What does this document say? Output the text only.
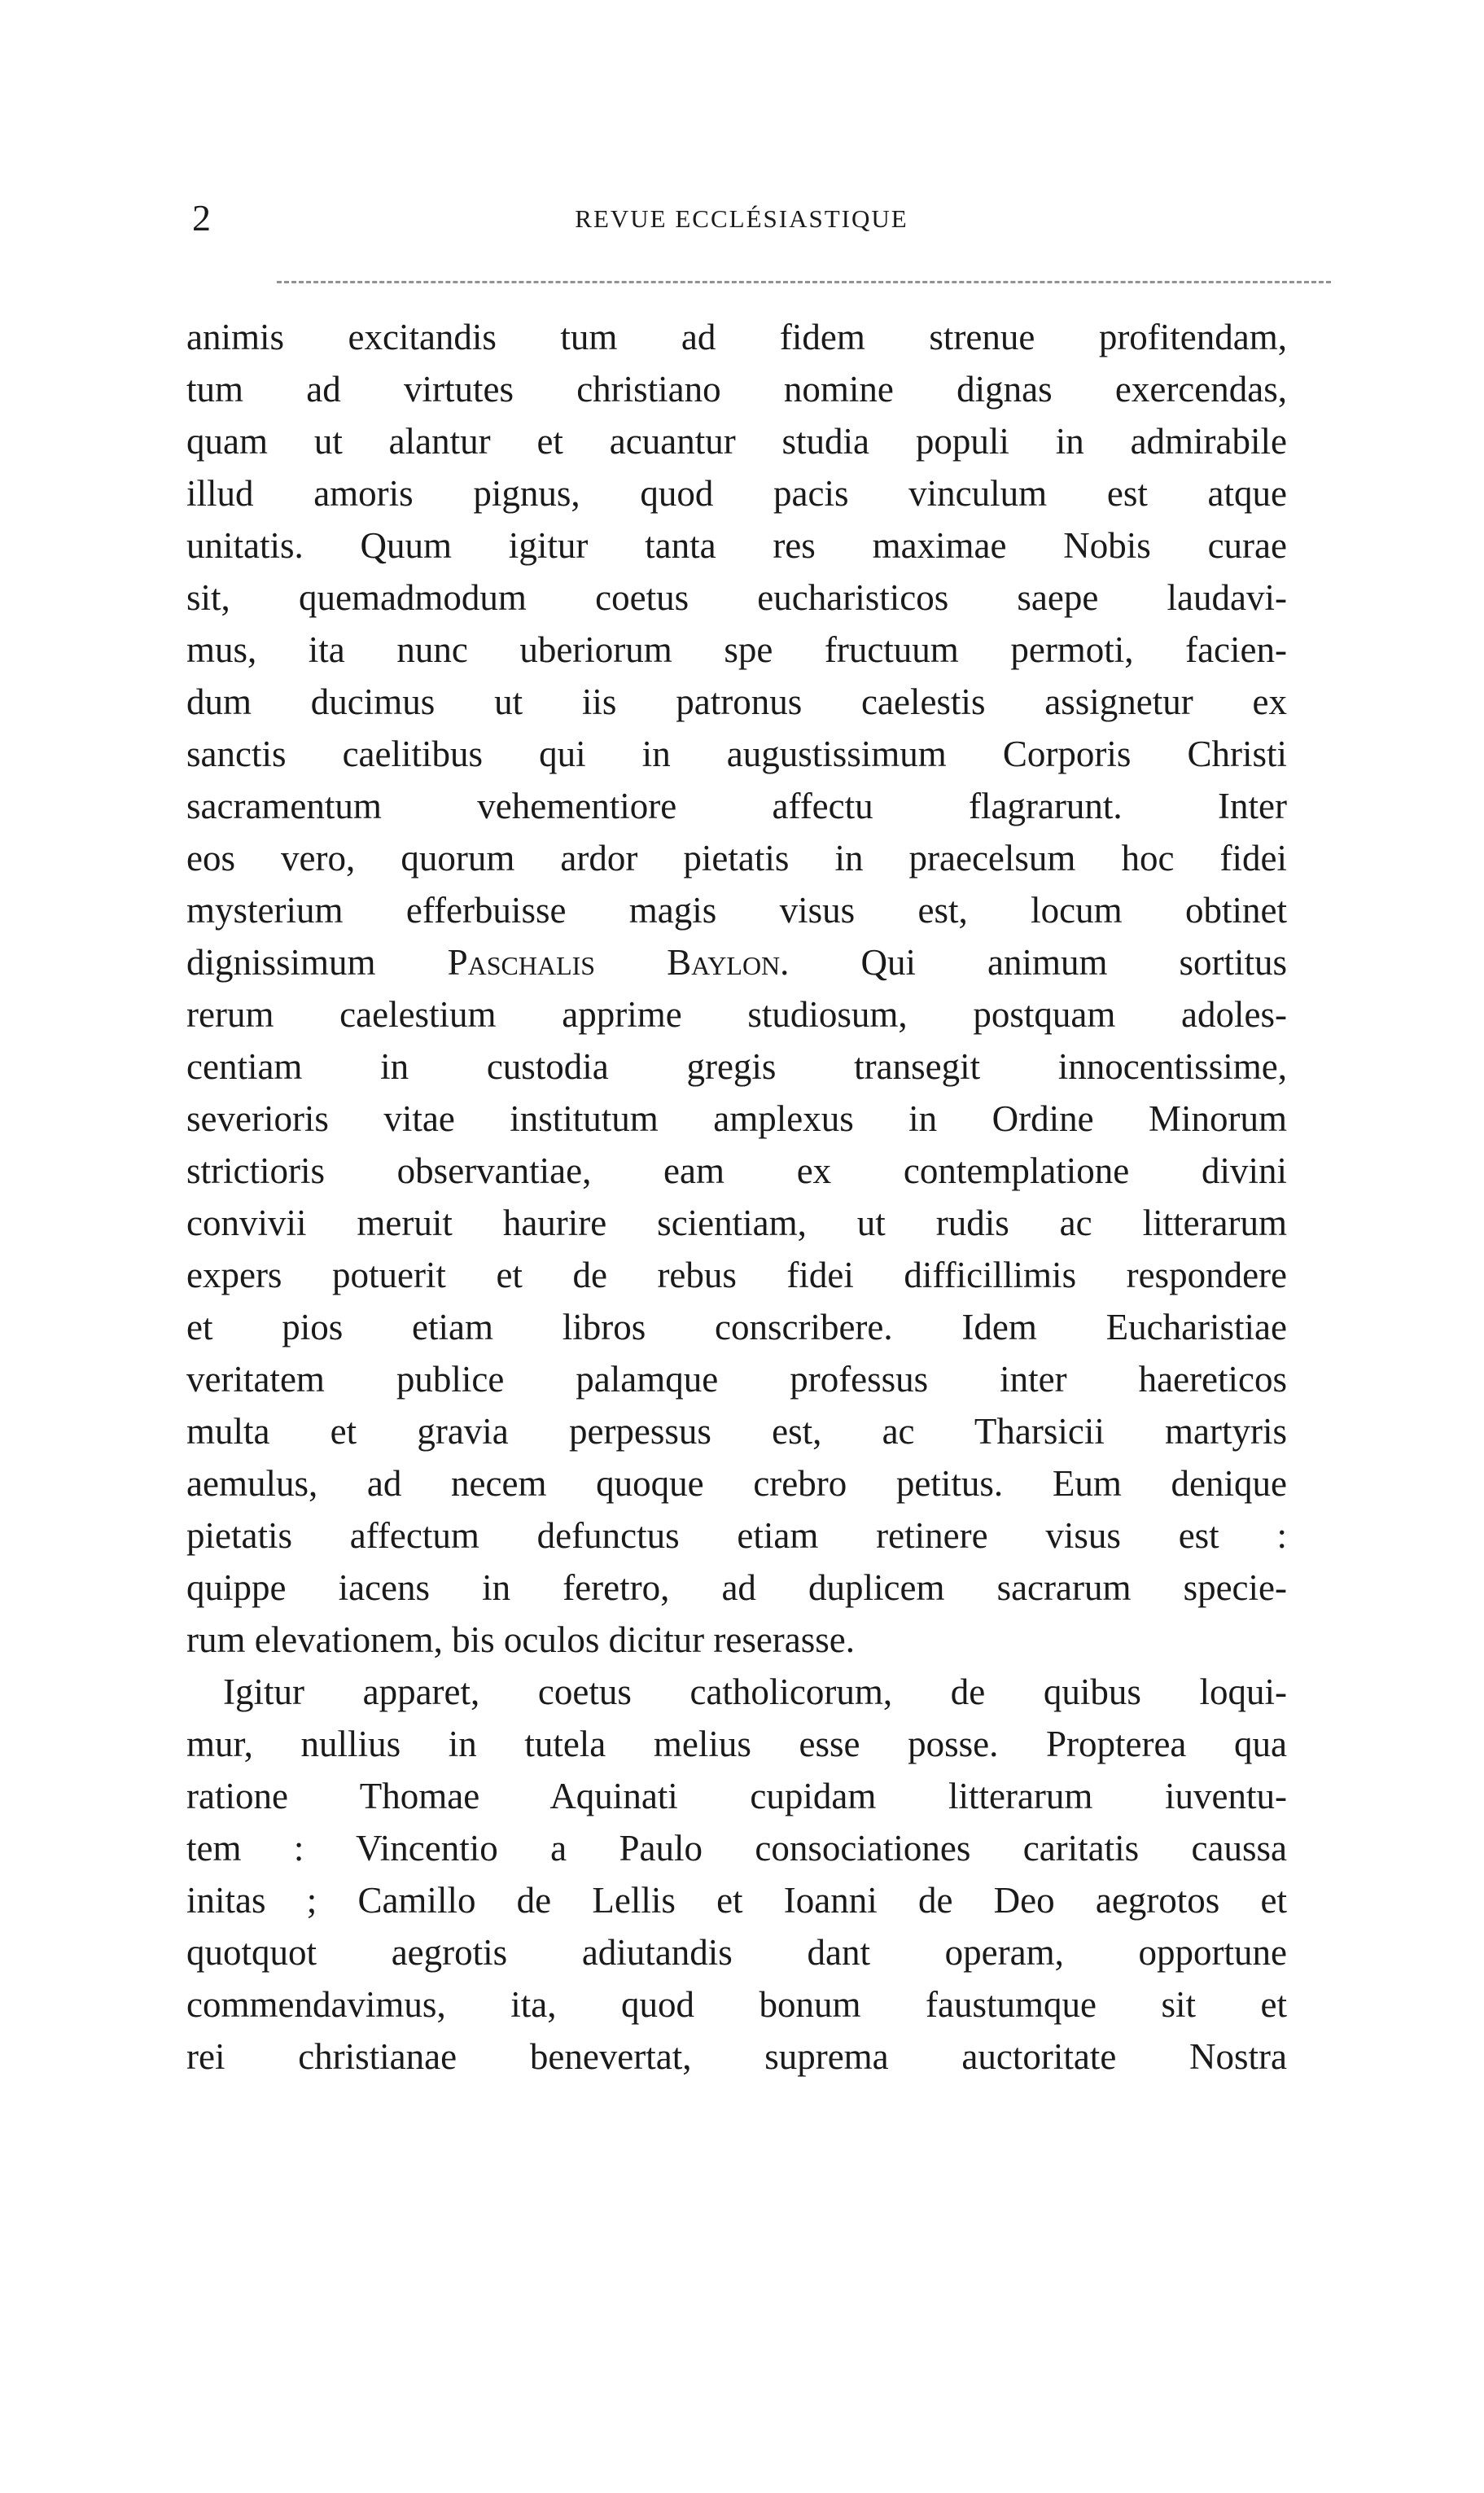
2	REVUE ECCLÉSIASTIQUE
animis excitandis tum ad fidem strenue profitendam,
tum ad virtutes christiano nomine dignas exercendas,
quam ut alantur et acuantur studia populi in admirabile
illud amoris pignus, quod pacis vinculum est atque
unitatis. Quum igitur tanta res maximae Nobis curae
sit, quemadmodum coetus eucharisticos saepe laudavi-
mus, ita nunc uberiorum spe fructuum permoti, facien-
dum ducimus ut iis patronus caelestis assignetur ex
sanctis caelitibus qui in augustissimum Corporis Christi
sacramentum vehementiore affectu flagrarunt. Inter
eos vero, quorum ardor pietatis in praecelsum hoc fidei
mysterium efferbuisse magis visus est, locum obtinet
dignissimum Paschalis Baylon. Qui animum sortitus
rerum caelestium apprime studiosum, postquam adoles-
centiam in custodia gregis transegit innocentissime,
severioris vitae institutum amplexus in Ordine Minorum
strictioris observantiae, eam ex contemplatione divini
convivii meruit haurire scientiam, ut rudis ac litterarum
expers potuerit et de rebus fidei difficillimis respondere
et pios etiam libros conscribere. Idem Eucharistiae
veritatem publice palamque professus inter haereticos
multa et gravia perpessus est, ac Tharsicii martyris
aemulus, ad necem quoque crebro petitus. Eum denique
pietatis affectum defunctus etiam retinere visus est :
quippe iacens in feretro, ad duplicem sacrarum specie-
rum elevationem, bis oculos dicitur reserasse.
Igitur apparet, coetus catholicorum, de quibus loqui-
mur, nullius in tutela melius esse posse. Propterea qua
ratione Thomae Aquinati cupidam litterarum iuventu-
tem : Vincentio a Paulo consociationes caritatis caussa
initas ; Camillo de Lellis et Ioanni de Deo aegrotos et
quotquot aegrotis adiutandis dant operam, opportune
commendavimus, ita, quod bonum faustumque sit et
rei christianae benevertat, suprema auctoritate Nostra
